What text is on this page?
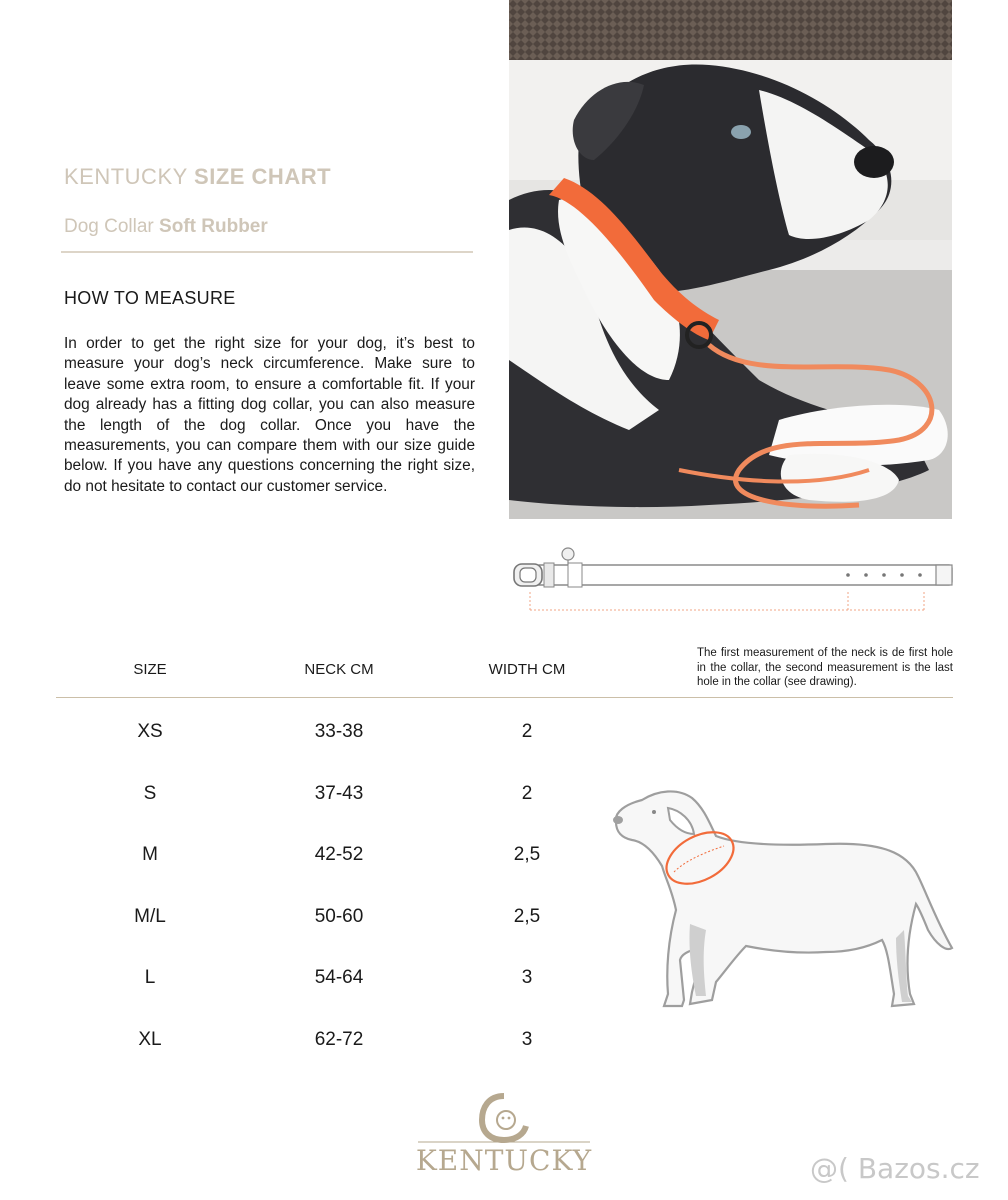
KENTUCKY SIZE CHART
Dog Collar Soft Rubber
HOW TO MEASURE
In order to get the right size for your dog, it’s best to measure your dog’s neck circumference. Make sure to leave some extra room, to ensure a comfortable fit. If your dog already has a fitting dog collar, you can also measure the length of the dog collar. Once you have the measurements, you can compare them with our size guide below. If you have any questions concerning the right size, do not hesitate to contact our customer service.
SIZE	NECK CM	WIDTH CM
The first measurement of the neck is de first hole in the collar, the second measurement is the last hole in the collar (see drawing).
XS	33-38	2
S	37-43	2
M	42-52	2,5
M/L	50-60	2,5
L	54-64	3
XL	62-72	3
KENTUCKY	@( Bazos.cz
